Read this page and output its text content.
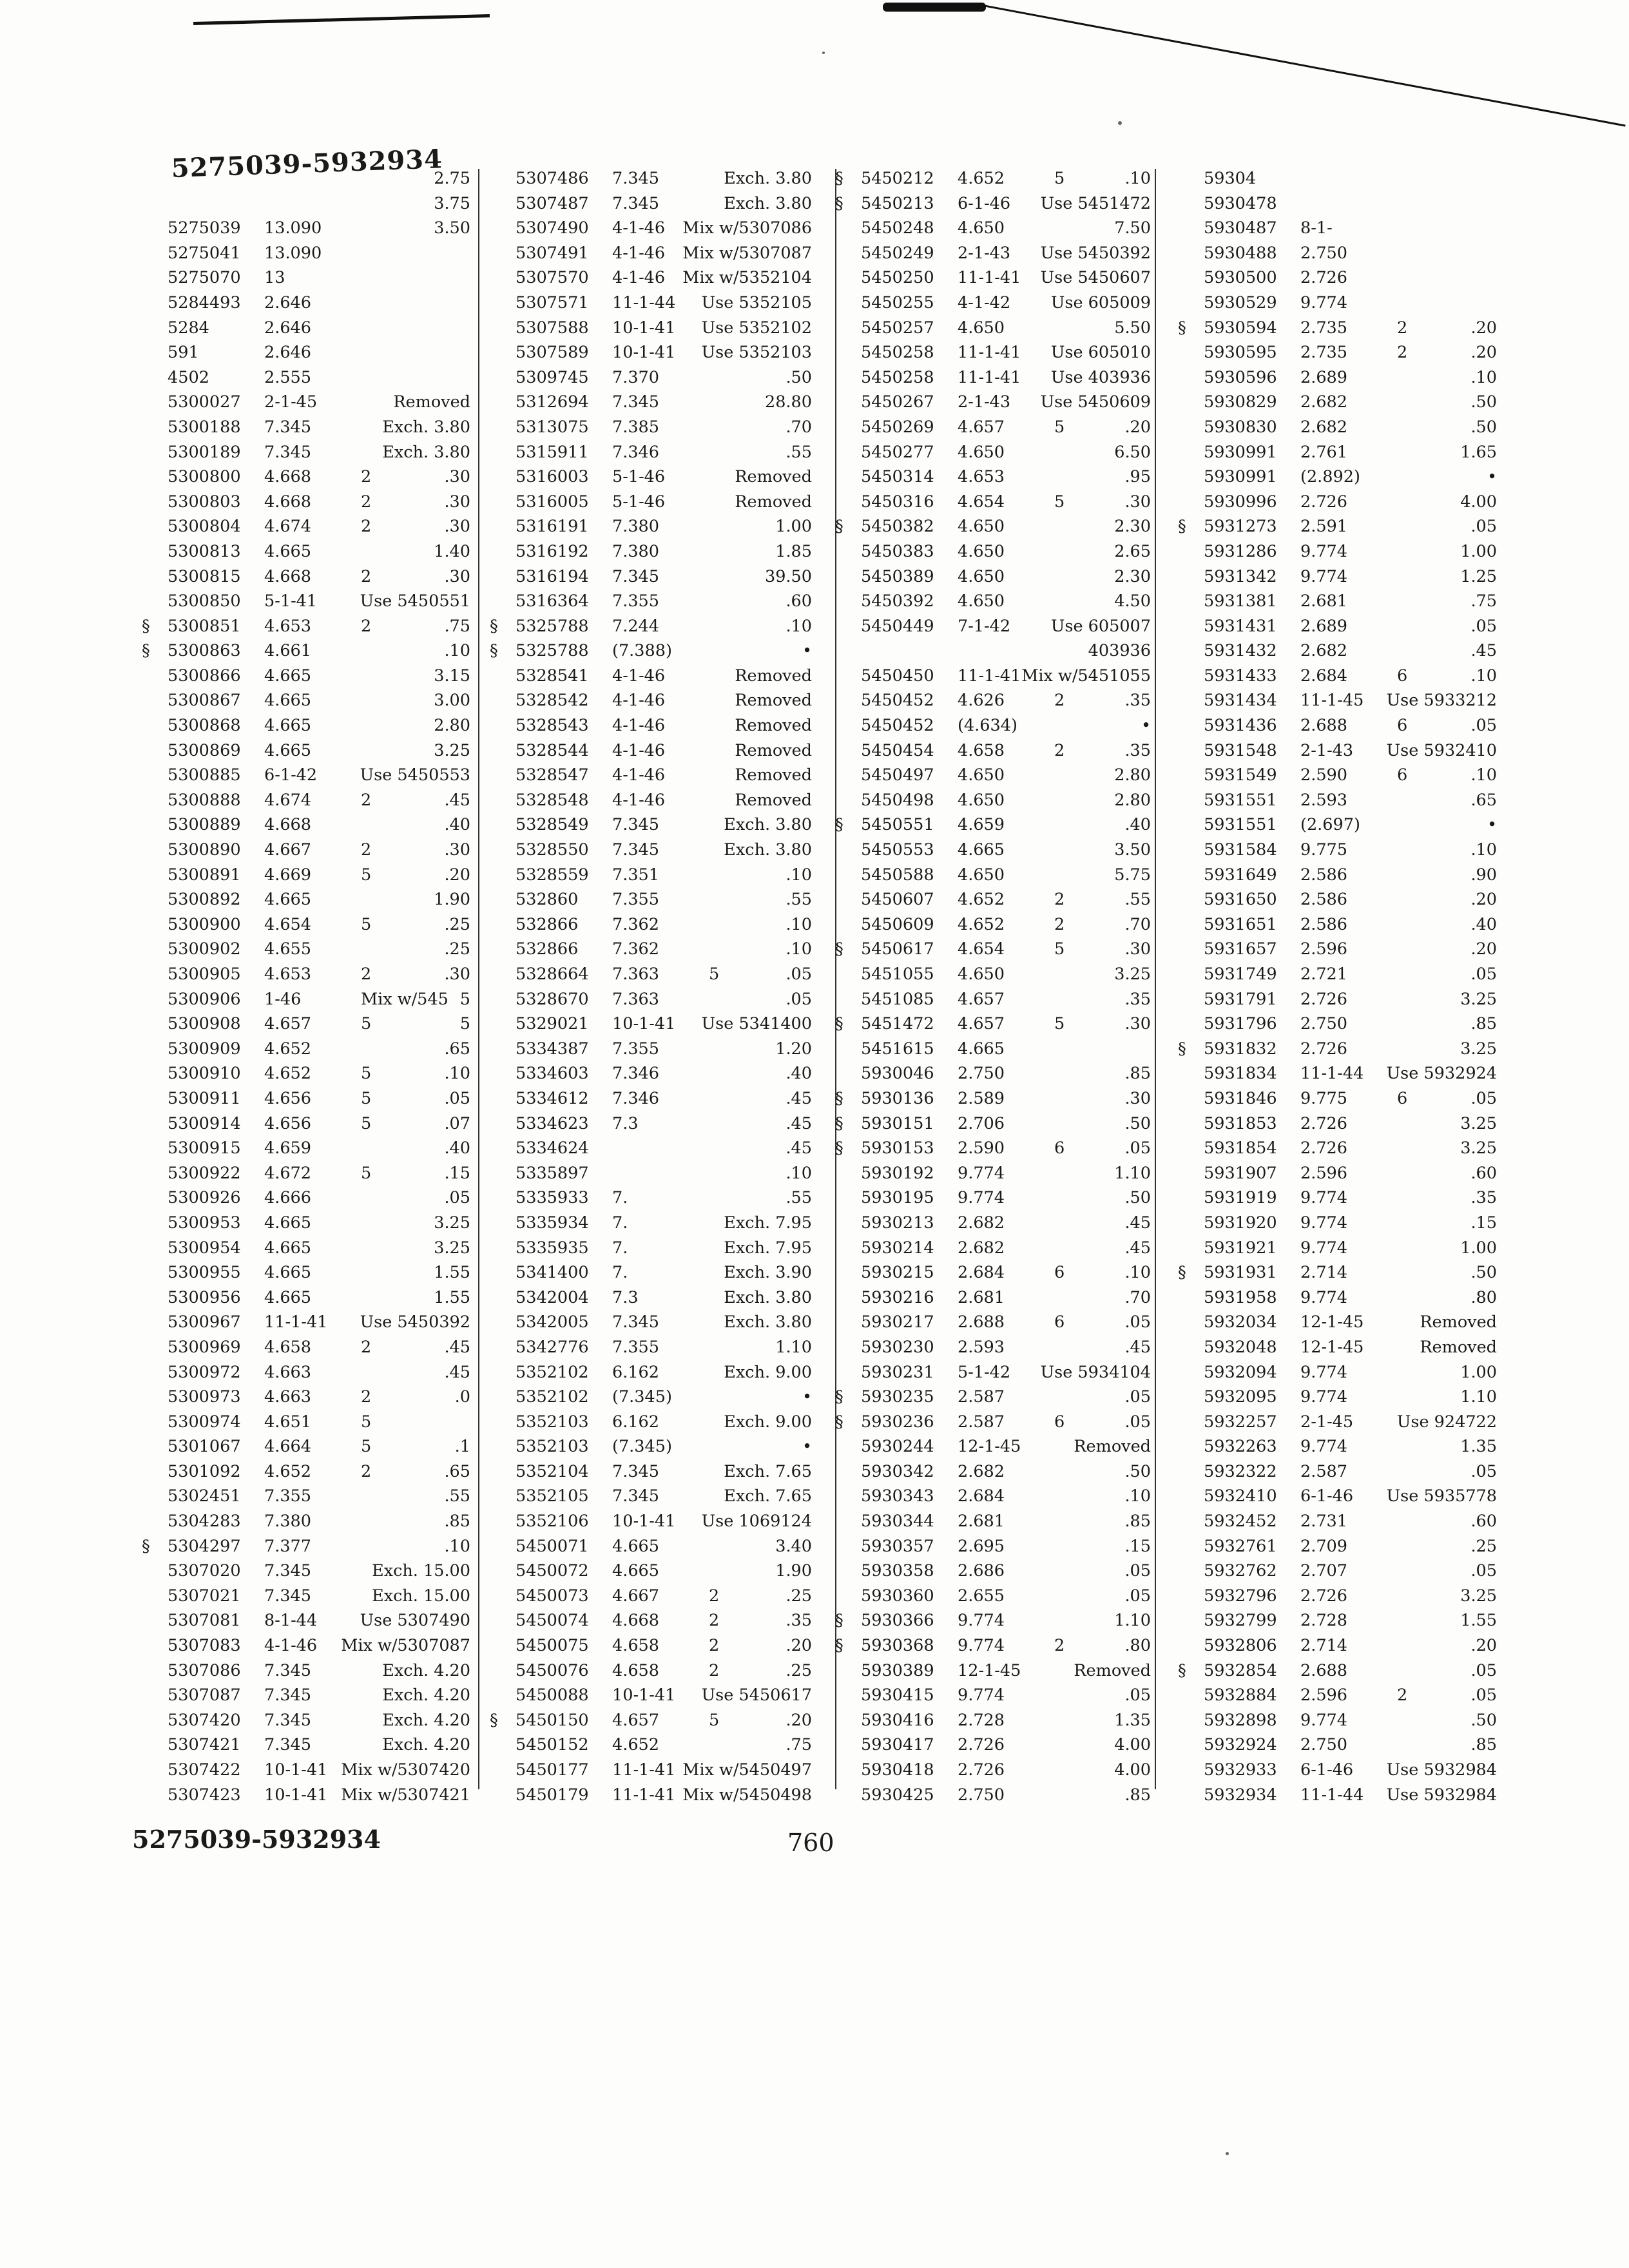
5275039-5932934
2.75
3.75
5275039 13.090	3.50
5275041 13.090
5275070 13
5284493 2.646
5284	2.646
591	2.646
4502	2.555
5300027 2-1-45	Removed
5300188 7.345	Exch. 3.80
5300189 7.345	Exch. 3.80
5300800 4.668	2	.30
5300803 4.668	2	.30
5300804 4.674	2	.30
5300813 4.665	1.40
5300815 4.668	2	.30
5300850 5-1-41	Use 5450551
§ 5300851 4.653	2	.75
§ 5300863 4.661	.10
5300866 4.665	3.15
5300867 4.665	3.00
5300868 4.665	2.80
5300869 4.665	3.25
5300885 6-1-42	Use 5450553
5300888 4.674	2	.45
5300889 4.668	.40
5300890 4.667	2	.30
5300891 4.669	5	.20
5300892 4.665	1.90
5300900 4.654	5	.25
5300902 4.655	.25
5300905 4.653	2	.30
5300906 1-46	Mix w/545 5
5300908 4.657	5	5
5300909 4.652	.65
5300910 4.652	5	.10
5300911 4.656	5	.05
5300914 4.656	5	.07
5300915 4.659	.40
5300922 4.672	5	.15
5300926 4.666	.05
5300953 4.665	3.25
5300954 4.665	3.25
5300955 4.665	1.55
5300956 4.665	1.55
5300967 11-1-41 Use 5450392
5300969 4.658	2	.45
5300972 4.663	.45
5300973 4.663	2	.0
5300974 4.651	5
5301067 4.664	5	.1
5301092 4.652	2	.65
5302451 7.355	.55
5304283 7.380	.85
§ 5304297 7.377	.10
5307020 7.345	Exch. 15.00
5307021 7.345	Exch. 15.00
5307081 8-1-44	Use 5307490
5307083 4-1-46 Mix w/5307087
5307086 7.345	Exch. 4.20
5307087 7.345	Exch. 4.20
5307420 7.345	Exch. 4.20
5307421 7.345	Exch. 4.20
5307422 10-1-41 Mix w/5307420
5307423 10-1-41 Mix w/5307421
5307486 7.345	Exch. 3.80
5307487 7.345	Exch. 3.80
5307490 4-1-46 Mix w/5307086
5307491 4-1-46 Mix w/5307087
5307570 4-1-46 Mix w/5352104
5307571 11-1-44 Use 5352105
5307588 10-1-41 Use 5352102
5307589 10-1-41 Use 5352103
5309745 7.370	.50
5312694 7.345	28.80
5313075 7.385	.70
5315911 7.346	.55
5316003 5-1-46	Removed
5316005 5-1-46	Removed
5316191 7.380	1.00
5316192 7.380	1.85
5316194 7.345	39.50
5316364 7.355	.60
§ 5325788 7.244	.10
§ 5325788 (7.388)	•
5328541 4-1-46	Removed
5328542 4-1-46	Removed
5328543 4-1-46	Removed
5328544 4-1-46	Removed
5328547 4-1-46	Removed
5328548 4-1-46	Removed
5328549 7.345	Exch. 3.80
5328550 7.345	Exch. 3.80
5328559 7.351	.10
532860 7.355	.55
532866 7.362	.10
532866 7.362	.10
5328664 7.363	5	.05
5328670 7.363	.05
5329021 10-1-41 Use 5341400
5334387 7.355	1.20
5334603 7.346	.40
5334612 7.346	.45
5334623 7.3	.45
5334624	.45
5335897	.10
5335933 7.	.55
5335934 7.	Exch. 7.95
5335935 7.	Exch. 7.95
5341400 7.	Exch. 3.90
5342004 7.3	Exch. 3.80
5342005 7.345	Exch. 3.80
5342776 7.355	1.10
5352102 6.162	Exch. 9.00
5352102 (7.345)	•
5352103 6.162	Exch. 9.00
5352103 (7.345)	•
5352104 7.345	Exch. 7.65
5352105 7.345	Exch. 7.65
5352106 10-1-41 Use 1069124
5450071 4.665	3.40
5450072 4.665	1.90
5450073 4.667	2	.25
5450074 4.668	2	.35
5450075 4.658	2	.20
5450076 4.658	2	.25
5450088 10-1-41 Use 5450617
§ 5450150 4.657	5	.20
5450152 4.652	.75
5450177 11-1-41 Mix w/5450497
5450179 11-1-41 Mix w/5450498
§ 5450212 4.652	5	.10
§ 5450213 6-1-46 Use 5451472
5450248 4.650	7.50
5450249 2-1-43 Use 5450392
5450250 11-1-41 Use 5450607
5450255 4-1-42 Use 605009
5450257 4.650	5.50
5450258 11-1-41 Use 605010
5450258 11-1-41 Use 403936
5450267 2-1-43 Use 5450609
5450269 4.657	5	.20
5450277 4.650	6.50
5450314 4.653	.95
5450316 4.654	5	.30
§ 5450382 4.650	2.30
5450383 4.650	2.65
5450389 4.650	2.30
5450392 4.650	4.50
5450449 7-1-42 Use 605007
403936
5450450 11-1-41 Mix w/5451055
5450452 4.626	2	.35
5450452 (4.634)	•
5450454 4.658	2	.35
5450497 4.650	2.80
5450498 4.650	2.80
§ 5450551 4.659	.40
5450553 4.665	3.50
5450588 4.650	5.75
5450607 4.652	2	.55
5450609 4.652	2	.70
§ 5450617 4.654	5	.30
5451055 4.650	3.25
5451085 4.657	.35
§ 5451472 4.657	5	.30
5451615 4.665
5930046 2.750	.85
§ 5930136 2.589	.30
§ 5930151 2.706	.50
§ 5930153 2.590	6	.05
5930192 9.774	1.10
5930195 9.774	.50
5930213 2.682	.45
5930214 2.682	.45
5930215 2.684	6	.10
5930216 2.681	.70
5930217 2.688	6	.05
5930230 2.593	.45
5930231 5-1-42 Use 5934104
§ 5930235 2.587	.05
§ 5930236 2.587	6	.05
5930244 12-1-45	Removed
5930342 2.682	.50
5930343 2.684	.10
5930344 2.681	.85
5930357 2.695	.15
5930358 2.686	.05
5930360 2.655	.05
§ 5930366 9.774	1.10
§ 5930368 9.774	2	.80
5930389 12-1-45	Removed
5930415 9.774	.05
5930416 2.728	1.35
5930417 2.726	4.00
5930418 2.726	4.00
5930425 2.750	.85
59304
5930478
5930487 8-1-
5930488 2.750
5930500 2.726
5930529 9.774
§ 5930594 2.735	2	.20
5930595 2.735	2	.20
5930596 2.689	.10
5930829 2.682	.50
5930830 2.682	.50
5930991 2.761	1.65
5930991 (2.892)	•
5930996 2.726	4.00
§ 5931273 2.591	.05
5931286 9.774	1.00
5931342 9.774	1.25
5931381 2.681	.75
5931431 2.689	.05
5931432 2.682	.45
5931433 2.684	6	.10
5931434 11-1-45 Use 5933212
5931436 2.688	6	.05
5931548 2-1-43 Use 5932410
5931549 2.590	6	.10
5931551 2.593	.65
5931551 (2.697)	•
5931584 9.775	.10
5931649 2.586	.90
5931650 2.586	.20
5931651 2.586	.40
5931657 2.596	.20
5931749 2.721	.05
5931791 2.726	3.25
5931796 2.750	.85
§ 5931832 2.726	3.25
5931834 11-1-44 Use 5932924
5931846 9.775	6	.05
5931853 2.726	3.25
5931854 2.726	3.25
5931907 2.596	.60
5931919 9.774	.35
5931920 9.774	.15
5931921 9.774	1.00
§ 5931931 2.714	.50
5931958 9.774	.80
5932034 12-1-45	Removed
5932048 12-1-45	Removed
5932094 9.774	1.00
5932095 9.774	1.10
5932257 2-1-45	Use 924722
5932263 9.774	1.35
5932322 2.587	.05
5932410 6-1-46 Use 5935778
5932452 2.731	.60
5932761 2.709	.25
5932762 2.707	.05
5932796 2.726	3.25
5932799 2.728	1.55
5932806 2.714	.20
§ 5932854 2.688	.05
5932884 2.596	2	.05
5932898 9.774	.50
5932924 2.750	.85
5932933 6-1-46 Use 5932984
5932934 11-1-44 Use 5932984
5275039-5932934	760
